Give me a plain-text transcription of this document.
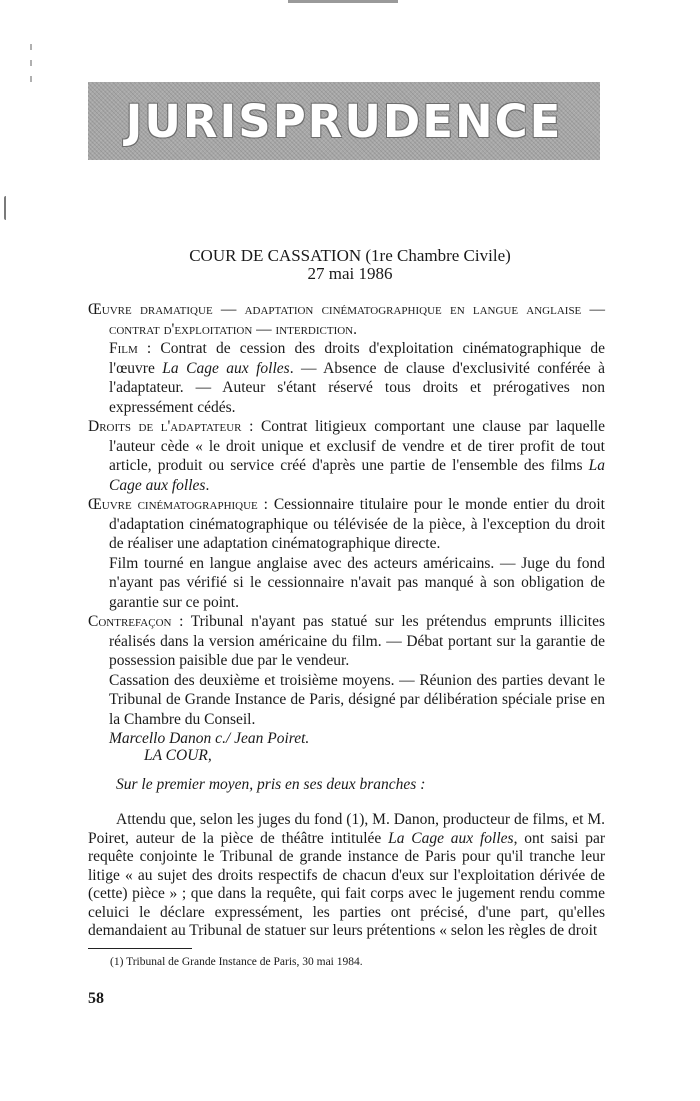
JURISPRUDENCE
COUR DE CASSATION (1re Chambre Civile)
27 mai 1986

Œuvre dramatique — adaptation cinématographique en langue anglaise — contrat d'exploitation — interdiction.

Film : Contrat de cession des droits d'exploitation cinématographique de l'œuvre La Cage aux folles. — Absence de clause d'exclusivité conférée à l'adaptateur. — Auteur s'étant réservé tous droits et prérogatives non expressément cédés.

Droits de l'adaptateur : Contrat litigieux comportant une clause par laquelle l'auteur cède « le droit unique et exclusif de vendre et de tirer profit de tout article, produit ou service créé d'après une partie de l'ensemble des films La Cage aux folles.

Œuvre cinématographique : Cessionnaire titulaire pour le monde entier du droit d'adaptation cinématographique ou télévisée de la pièce, à l'exception du droit de réaliser une adaptation cinématographique directe.

Film tourné en langue anglaise avec des acteurs américains. — Juge du fond n'ayant pas vérifié si le cessionnaire n'avait pas manqué à son obligation de garantie sur ce point.

Contrefaçon : Tribunal n'ayant pas statué sur les prétendus emprunts illicites réalisés dans la version américaine du film. — Débat portant sur la garantie de possession paisible due par le vendeur.

Cassation des deuxième et troisième moyens. — Réunion des parties devant le Tribunal de Grande Instance de Paris, désigné par délibération spéciale prise en la Chambre du Conseil.

Marcello Danon c./ Jean Poiret.

LA COUR,

Sur le premier moyen, pris en ses deux branches :

Attendu que, selon les juges du fond (1), M. Danon, producteur de films, et M. Poiret, auteur de la pièce de théâtre intitulée La Cage aux folles, ont saisi par requête conjointe le Tribunal de grande instance de Paris pour qu'il tranche leur litige « au sujet des droits respectifs de chacun d'eux sur l'exploitation dérivée de (cette) pièce » ; que dans la requête, qui fait corps avec le jugement rendu comme celuici le déclare expressément, les parties ont précisé, d'une part, qu'elles demandaient au Tribunal de statuer sur leurs prétentions « selon les règles de droit

(1) Tribunal de Grande Instance de Paris, 30 mai 1984.
58
